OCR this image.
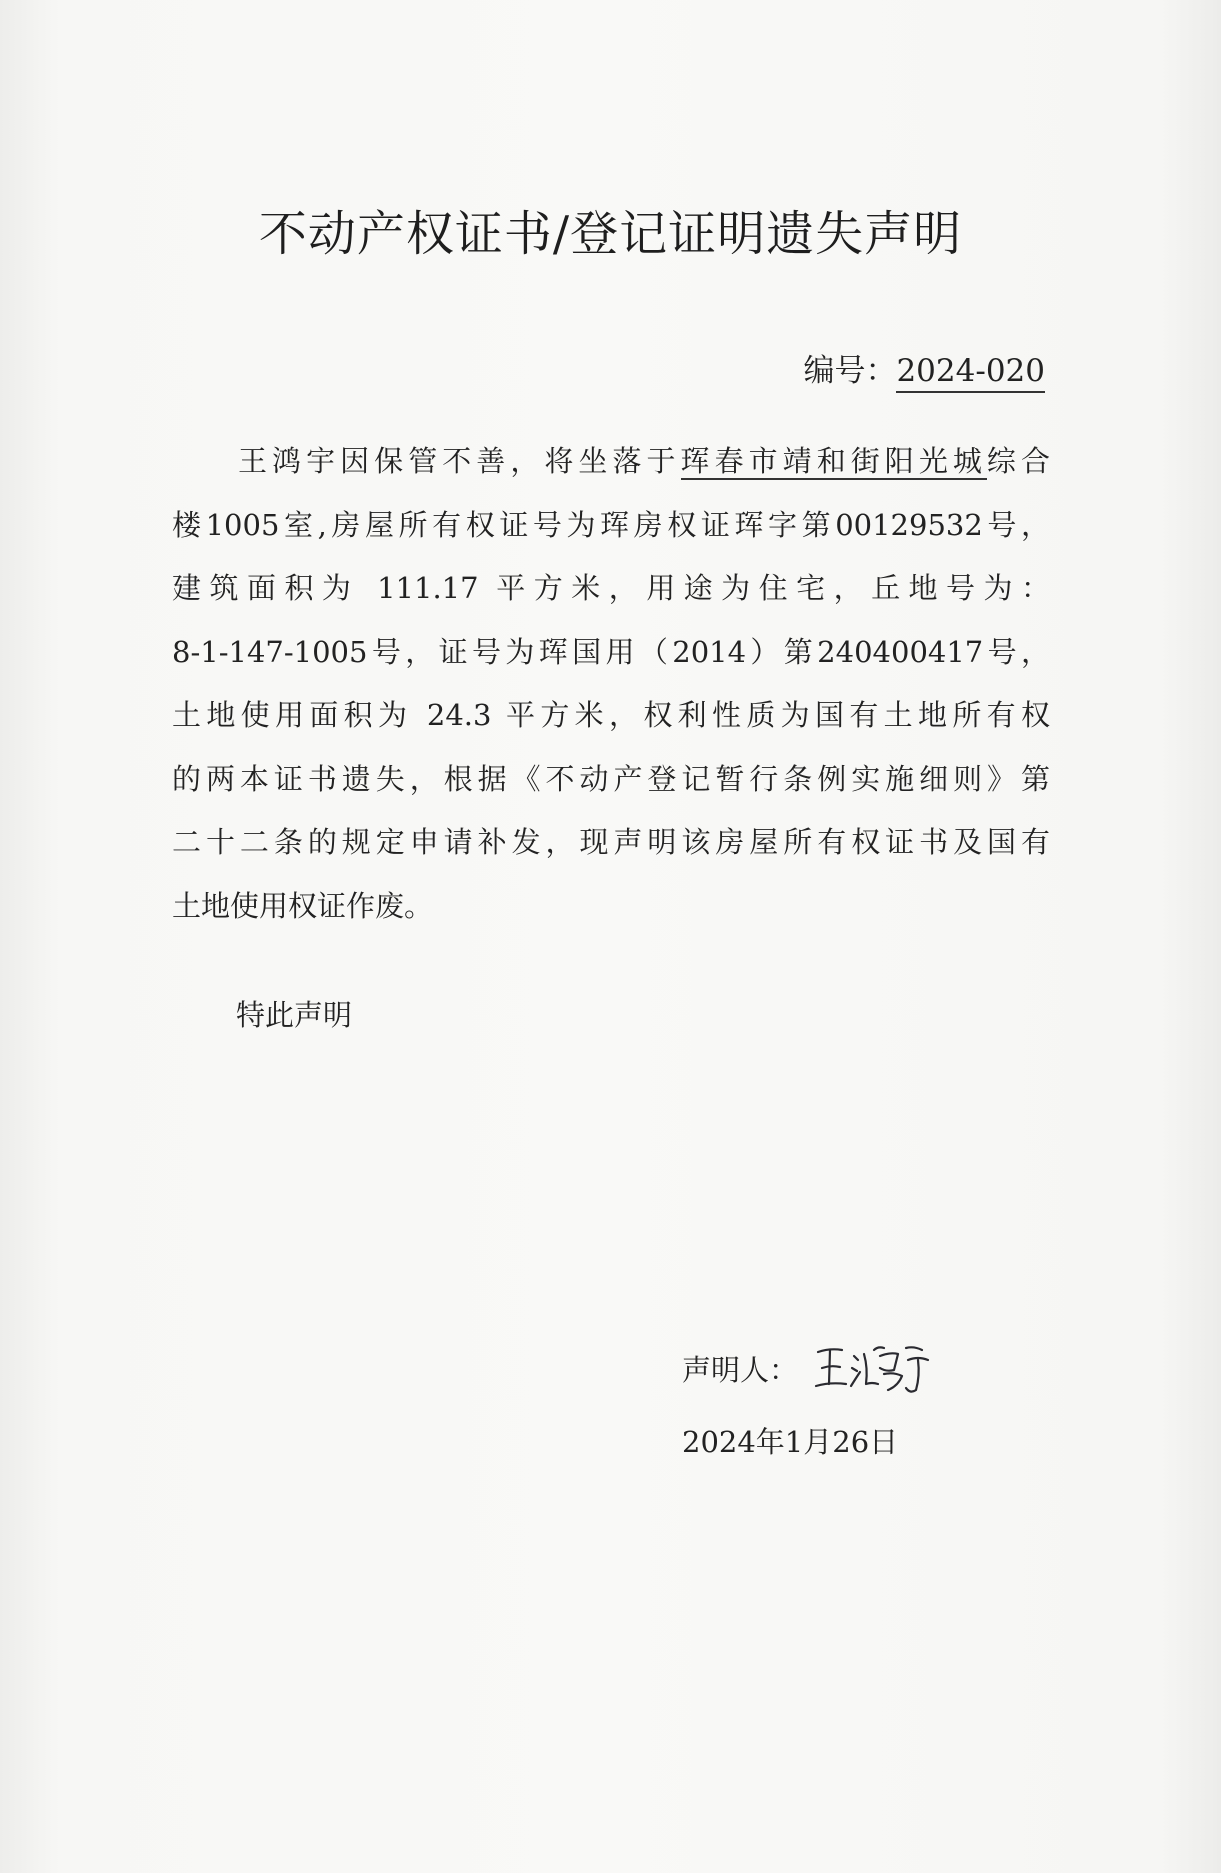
不动产权证书/登记证明遗失声明
编号：2024-020
王鸿宇因保管不善，将坐落于珲春市靖和街阳光城综合
楼1005室,房屋所有权证号为珲房权证珲字第00129532号，
建筑面积为 111.17 平方米，用途为住宅，丘地号为：
8-1-147-1005号，证号为珲国用（2014）第240400417号，
土地使用面积为 24.3 平方米，权利性质为国有土地所有权
的两本证书遗失，根据《不动产登记暂行条例实施细则》第
二十二条的规定申请补发，现声明该房屋所有权证书及国有
土地使用权证作废。
特此声明
声明人：
2024年1月26日
